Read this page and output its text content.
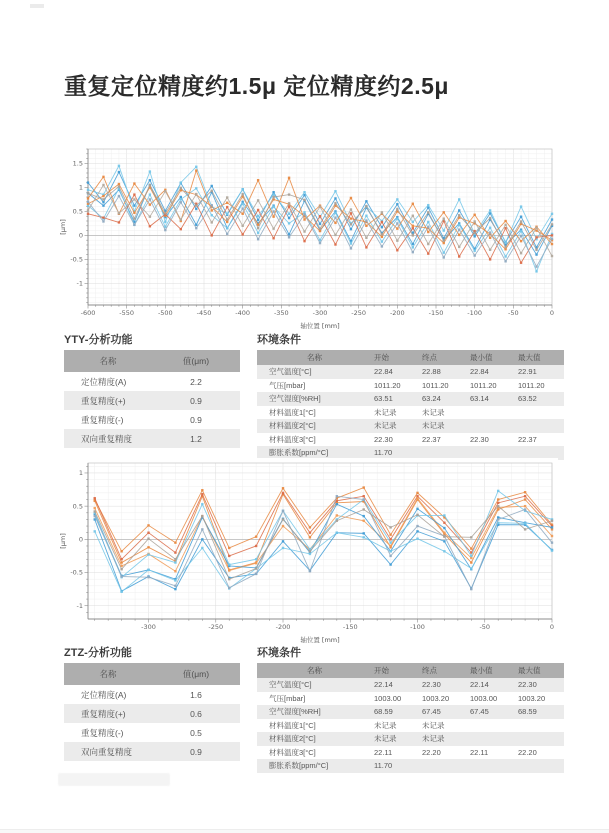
重复定位精度约1.5μ 定位精度约2.5μ
-600	-550	-500	-450	-400	-350	-300	-250	-200	-150	-100	-50	0
-1
-0.5
0
0.5
1
1.5
轴位置 [mm]
[μm]
YTY-分析功能	环境条件
名称	值(μm)
定位精度(A)	2.2
重复精度(+)	0.9
重复精度(-)	0.9
双向重复精度	1.2
名称	开始	终点	最小值	最大值
空气温度[°C]	22.84	22.88	22.84	22.91
气压[mbar]	1011.20	1011.20	1011.20	1011.20
空气湿度[%RH]	63.51	63.24	63.14	63.52
材料温度1[°C]	未记录	未记录		
材料温度2[°C]	未记录	未记录		
材料温度3[°C]	22.30	22.37	22.30	22.37
膨胀系数[ppm/°C]	11.70			
-300	-250	-200	-150	-100	-50	0
-1
-0.5
0
0.5
1
轴位置 [mm]
[μm]
ZTZ-分析功能	环境条件
名称	值(μm)
定位精度(A)	1.6
重复精度(+)	0.6
重复精度(-)	0.5
双向重复精度	0.9
名称	开始	终点	最小值	最大值
空气温度[°C]	22.14	22.30	22.14	22.30
气压[mbar]	1003.00	1003.20	1003.00	1003.20
空气湿度[%RH]	68.59	67.45	67.45	68.59
材料温度1[°C]	未记录	未记录		
材料温度2[°C]	未记录	未记录		
材料温度3[°C]	22.11	22.20	22.11	22.20
膨胀系数[ppm/°C]	11.70			
